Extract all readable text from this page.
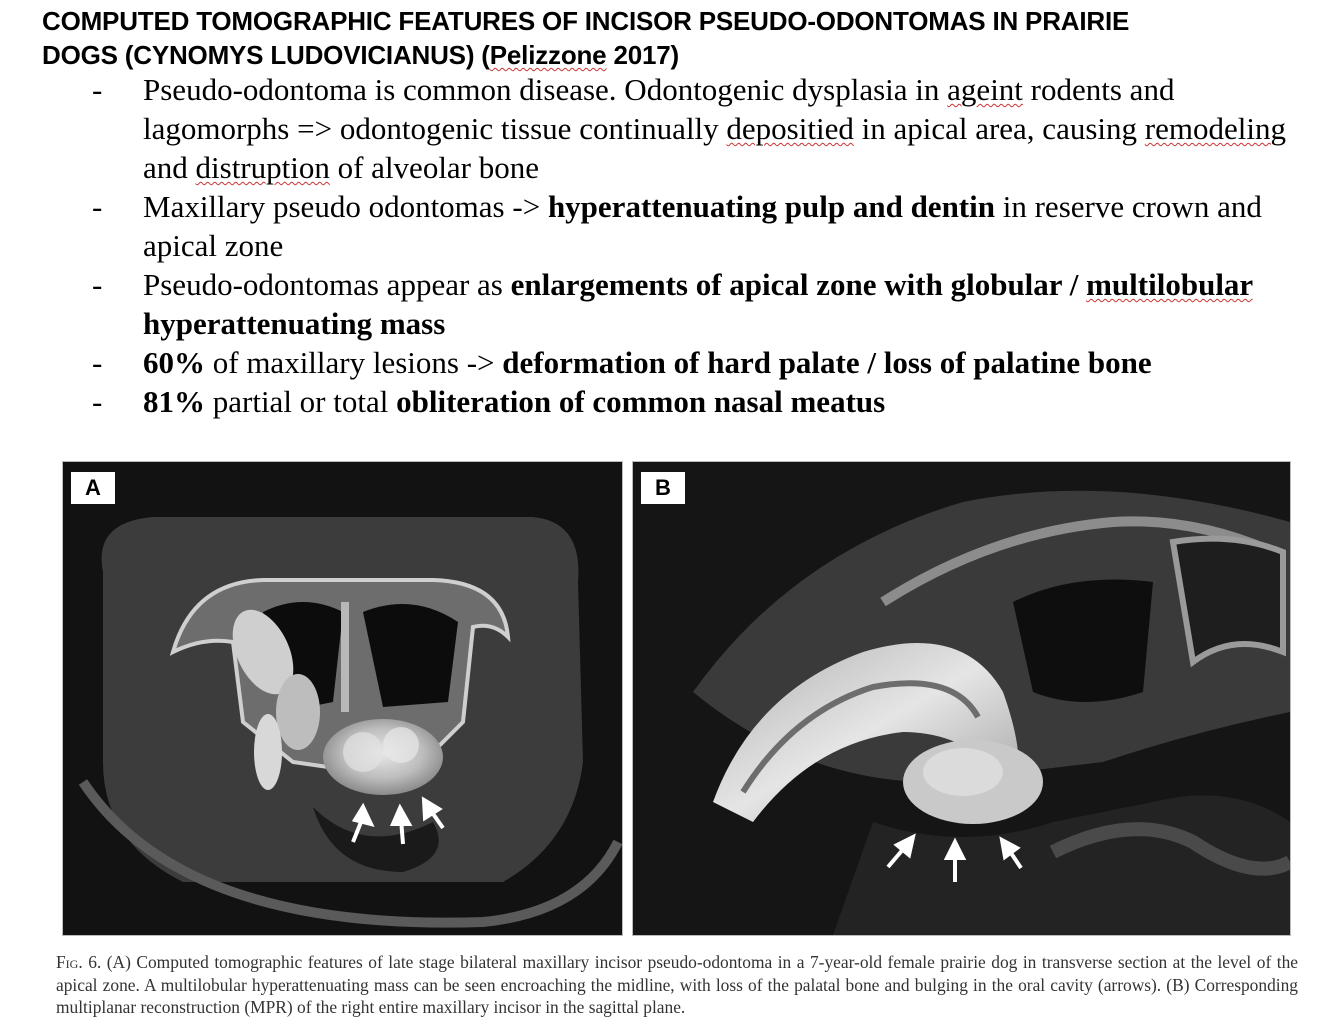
COMPUTED TOMOGRAPHIC FEATURES OF INCISOR PSEUDO-ODONTOMAS IN PRAIRIE
DOGS (CYNOMYS LUDOVICIANUS) (Pelizzone 2017)
- Pseudo-odontoma is common disease. Odontogenic dysplasia in ageint rodents and lagomorphs => odontogenic tissue continually depositied in apical area, causing remodeling and distruption of alveolar bone
- Maxillary pseudo odontomas -> hyperattenuating pulp and dentin in reserve crown and apical zone
- Pseudo-odontomas appear as enlargements of apical zone with globular / multilobular hyperattenuating mass
- 60% of maxillary lesions -> deformation of hard palate / loss of palatine bone
- 81% partial or total obliteration of common nasal meatus
A	B
Fig. 6. (A) Computed tomographic features of late stage bilateral maxillary incisor pseudo-odontoma in a 7-year-old female prairie dog in transverse section at the level of the apical zone. A multilobular hyperattenuating mass can be seen encroaching the midline, with loss of the palatal bone and bulging in the oral cavity (arrows). (B) Corresponding multiplanar reconstruction (MPR) of the right entire maxillary incisor in the sagittal plane.
